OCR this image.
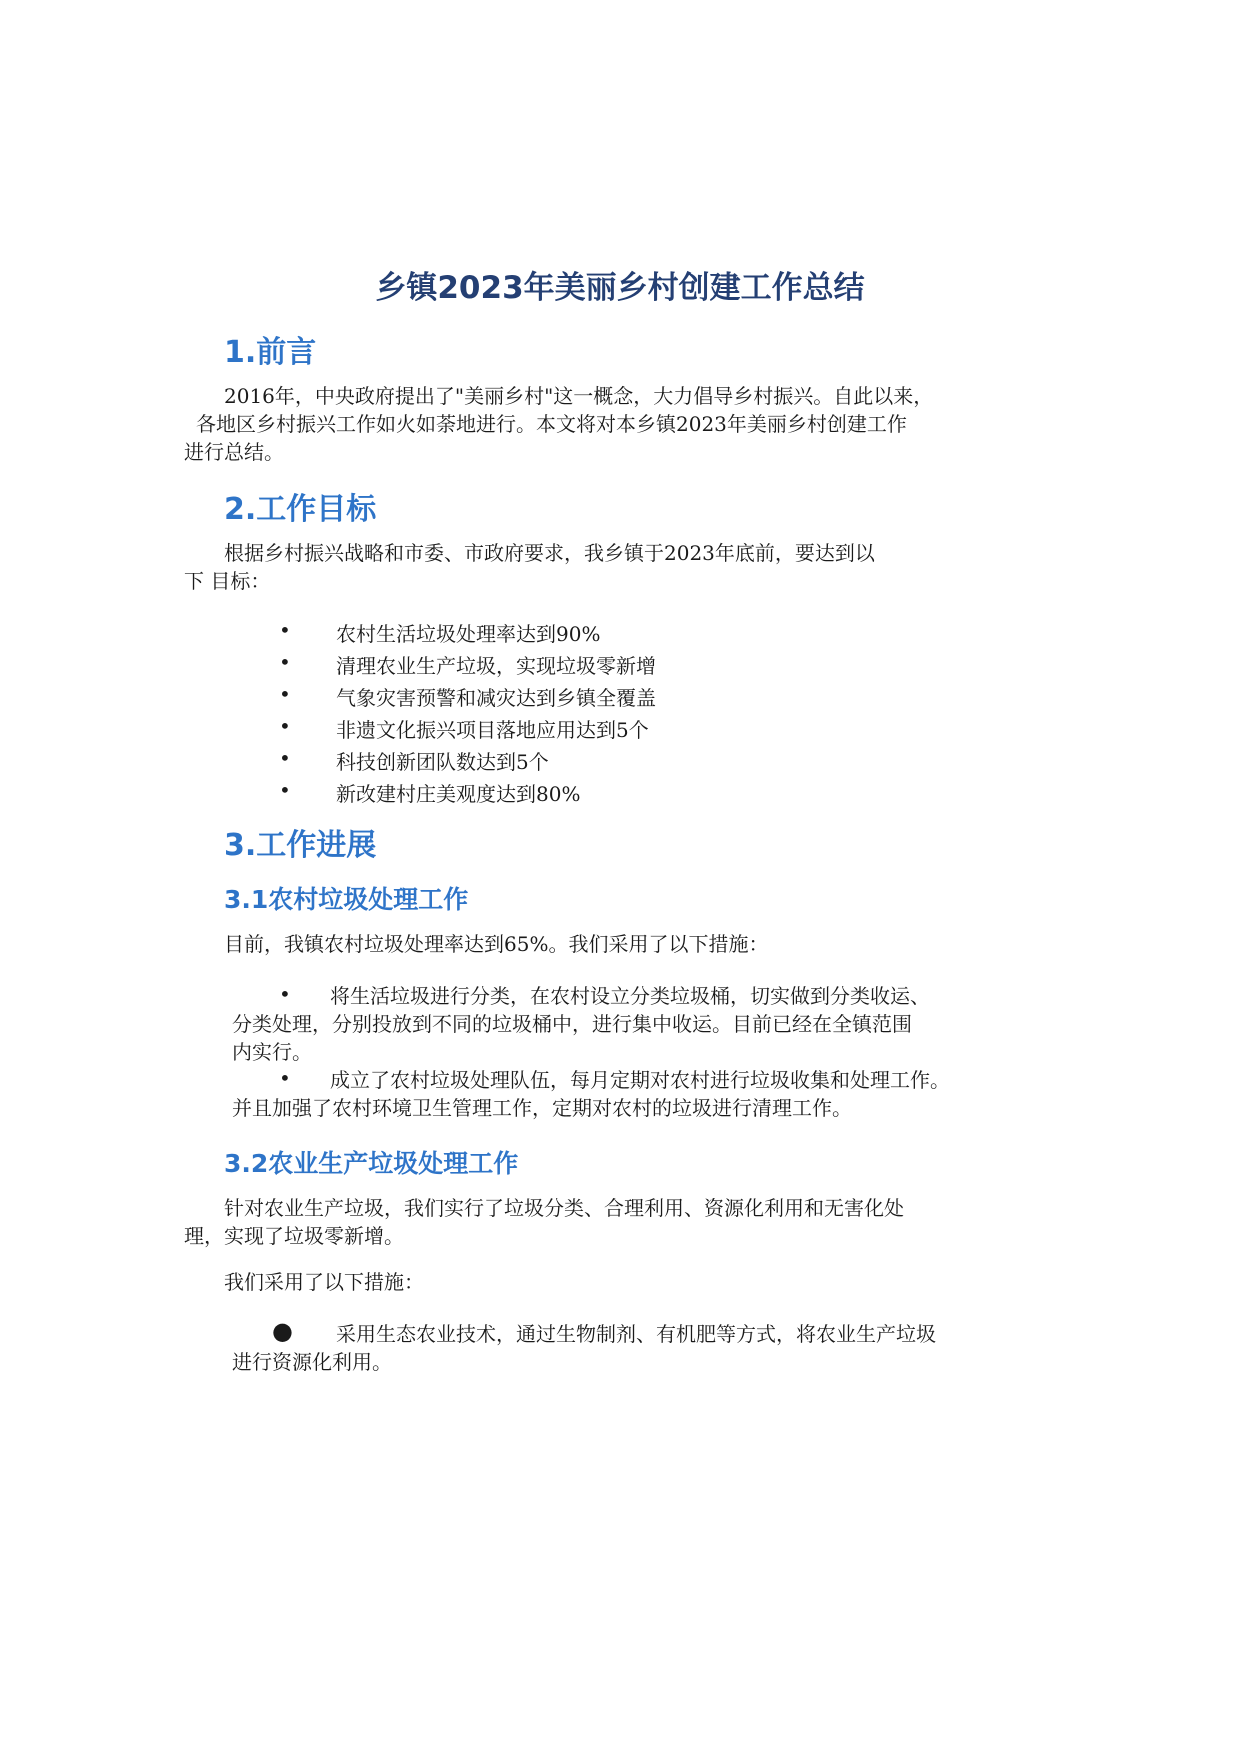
乡镇2023年美丽乡村创建工作总结
1.前言
2016年，中央政府提出了"美丽乡村"这一概念，大力倡导乡村振兴。自此以来，
各地区乡村振兴工作如火如荼地进行。本文将对本乡镇2023年美丽乡村创建工作
进行总结。
2.工作目标
根据乡村振兴战略和市委、市政府要求，我乡镇于2023年底前，要达到以
下 目标：
• 农村生活垃圾处理率达到90%
• 清理农业生产垃圾，实现垃圾零新增
• 气象灾害预警和减灾达到乡镇全覆盖
• 非遗文化振兴项目落地应用达到5个
• 科技创新团队数达到5个
• 新改建村庄美观度达到80%
3.工作进展
3.1农村垃圾处理工作
目前，我镇农村垃圾处理率达到65%。我们采用了以下措施：
• 将生活垃圾进行分类，在农村设立分类垃圾桶，切实做到分类收运、
分类处理，分别投放到不同的垃圾桶中，进行集中收运。目前已经在全镇范围
内实行。
• 成立了农村垃圾处理队伍，每月定期对农村进行垃圾收集和处理工作。
并且加强了农村环境卫生管理工作，定期对农村的垃圾进行清理工作。
3.2农业生产垃圾处理工作
针对农业生产垃圾，我们实行了垃圾分类、合理利用、资源化利用和无害化处
理，实现了垃圾零新增。
我们采用了以下措施：
● 采用生态农业技术，通过生物制剂、有机肥等方式，将农业生产垃圾
进行资源化利用。
